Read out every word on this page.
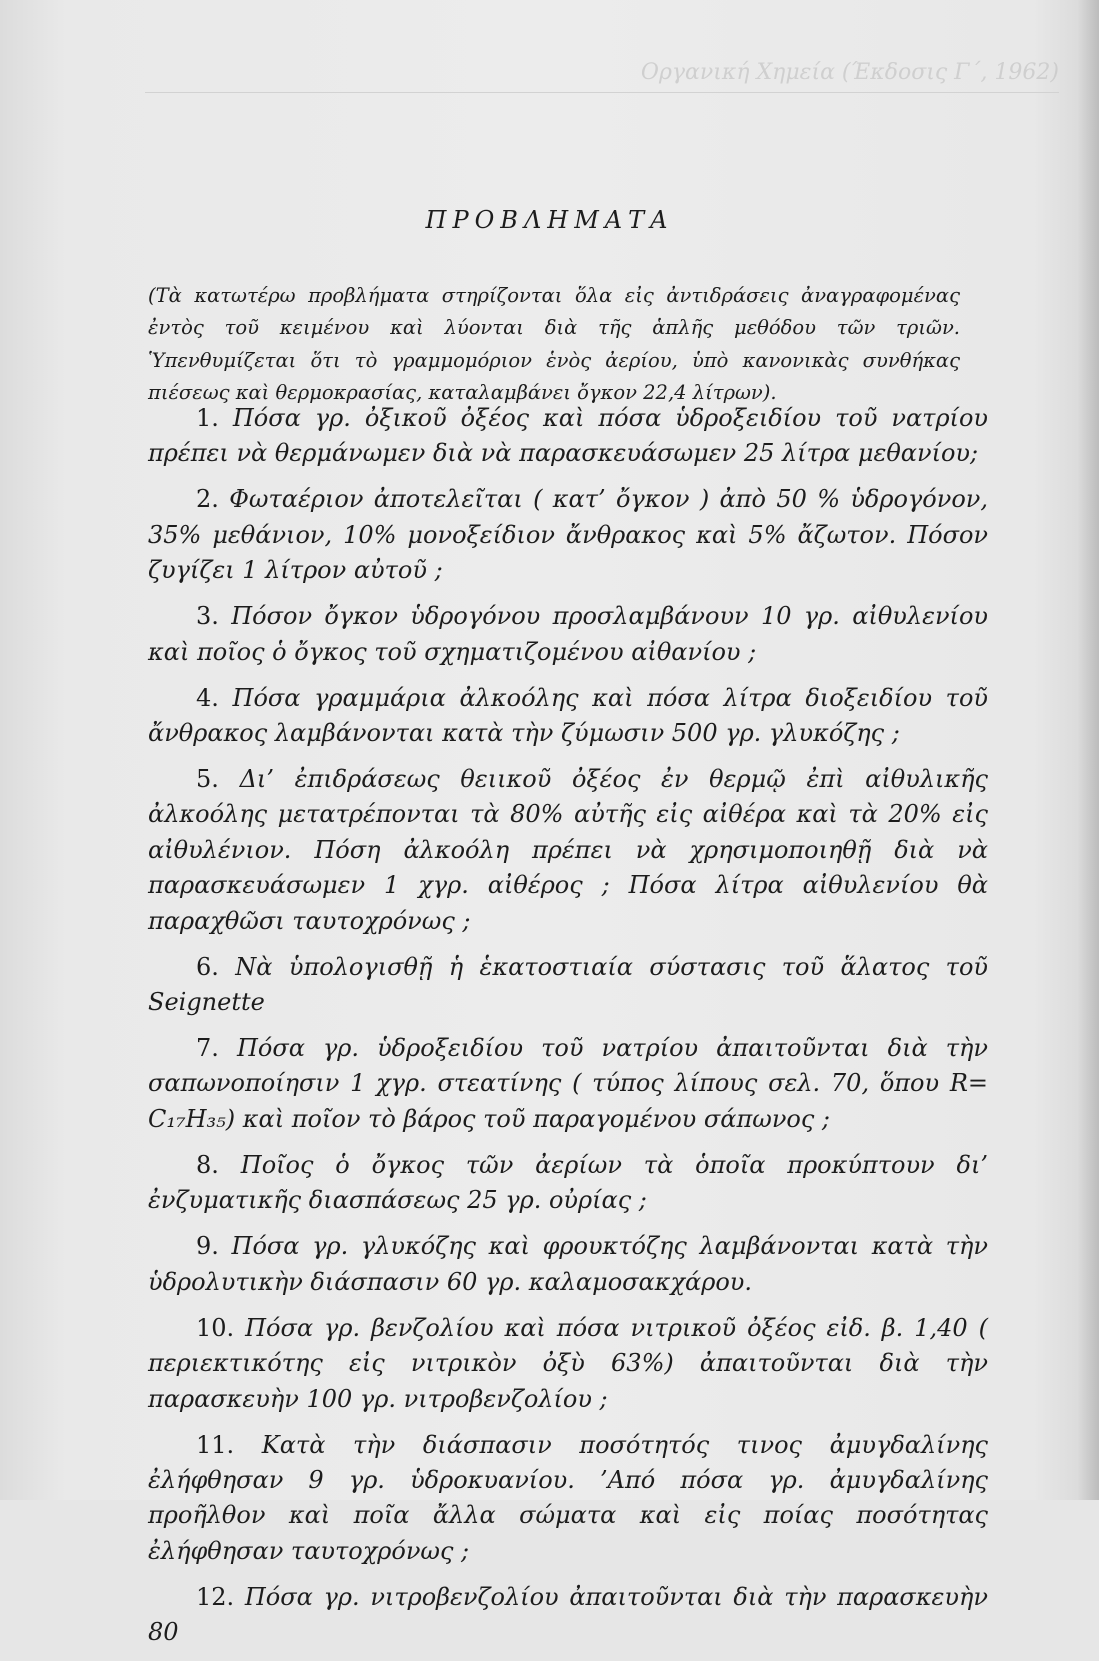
Οργανική Χημεία (Έκδοσις Γ΄, 1962)
ΠΡΟΒΛΗΜΑΤΑ

(Τὰ κατωτέρω προβλήματα στηρίζονται ὅλα εἰς ἀντιδράσεις ἀναγραφομένας ἐντὸς τοῦ κειμένου καὶ λύονται διὰ τῆς ἁπλῆς μεθόδου τῶν τριῶν. Ὑπενθυμίζεται ὅτι τὸ γραμμομόριον ἑνὸς ἀερίου, ὑπὸ κανονικὰς συνθήκας πιέσεως καὶ θερμοκρασίας, καταλαμβάνει ὄγκον 22,4 λίτρων).

1. Πόσα γρ. ὀξικοῦ ὀξέος καὶ πόσα ὑδροξειδίου τοῦ νατρίου πρέπει νὰ θερμάνωμεν διὰ νὰ παρασκευάσωμεν 25 λίτρα μεθανίου;

2. Φωταέριον ἀποτελεῖται ( κατ’ ὄγκον ) ἀπὸ 50 % ὑδρογόνον, 35% μεθάνιον, 10% μονοξείδιον ἄνθρακος καὶ 5% ἄζωτον. Πόσον ζυγίζει 1 λίτρον αὐτοῦ ;

3. Πόσον ὄγκον ὑδρογόνου προσλαμβάνουν 10 γρ. αἰθυλενίου καὶ ποῖος ὁ ὄγκος τοῦ σχηματιζομένου αἰθανίου ;

4. Πόσα γραμμάρια ἀλκοόλης καὶ πόσα λίτρα διοξειδίου τοῦ ἄνθρακος λαμβάνονται κατὰ τὴν ζύμωσιν 500 γρ. γλυκόζης ;

5. Δι’ ἐπιδράσεως θειικοῦ ὀξέος ἐν θερμῷ ἐπὶ αἰθυλικῆς ἀλκοόλης μετατρέπονται τὰ 80% αὐτῆς εἰς αἰθέρα καὶ τὰ 20% εἰς αἰθυλένιον. Πόση ἀλκοόλη πρέπει νὰ χρησιμοποιηθῇ διὰ νὰ παρασκευάσωμεν 1 χγρ. αἰθέρος ; Πόσα λίτρα αἰθυλενίου θὰ παραχθῶσι ταυτοχρόνως ;

6. Νὰ ὑπολογισθῇ ἡ ἑκατοστιαία σύστασις τοῦ ἅλατος τοῦ Seignette

7. Πόσα γρ. ὑδροξειδίου τοῦ νατρίου ἀπαιτοῦνται διὰ τὴν σαπωνοποίησιν 1 χγρ. στεατίνης ( τύπος λίπους σελ. 70, ὅπου R= C₁₇H₃₅) καὶ ποῖον τὸ βάρος τοῦ παραγομένου σάπωνος ;

8. Ποῖος ὁ ὄγκος τῶν ἀερίων τὰ ὁποῖα προκύπτουν δι’ ἐνζυματικῆς διασπάσεως 25 γρ. οὐρίας ;

9. Πόσα γρ. γλυκόζης καὶ φρουκτόζης λαμβάνονται κατὰ τὴν ὑδρολυτικὴν διάσπασιν 60 γρ. καλαμοσακχάρου.

10. Πόσα γρ. βενζολίου καὶ πόσα νιτρικοῦ ὀξέος εἰδ. β. 1,40 ( περιεκτικότης εἰς νιτρικὸν ὀξὺ 63%) ἀπαιτοῦνται διὰ τὴν παρασκευὴν 100 γρ. νιτροβενζολίου ;

11. Κατὰ τὴν διάσπασιν ποσότητός τινος ἀμυγδαλίνης ἐλήφθησαν 9 γρ. ὑδροκυανίου. ’Από πόσα γρ. ἀμυγδαλίνης προῆλθον καὶ ποῖα ἄλλα σώματα καὶ εἰς ποίας ποσότητας ἐλήφθησαν ταυτοχρόνως ;

12. Πόσα γρ. νιτροβενζολίου ἀπαιτοῦνται διὰ τὴν παρασκευὴν 80
